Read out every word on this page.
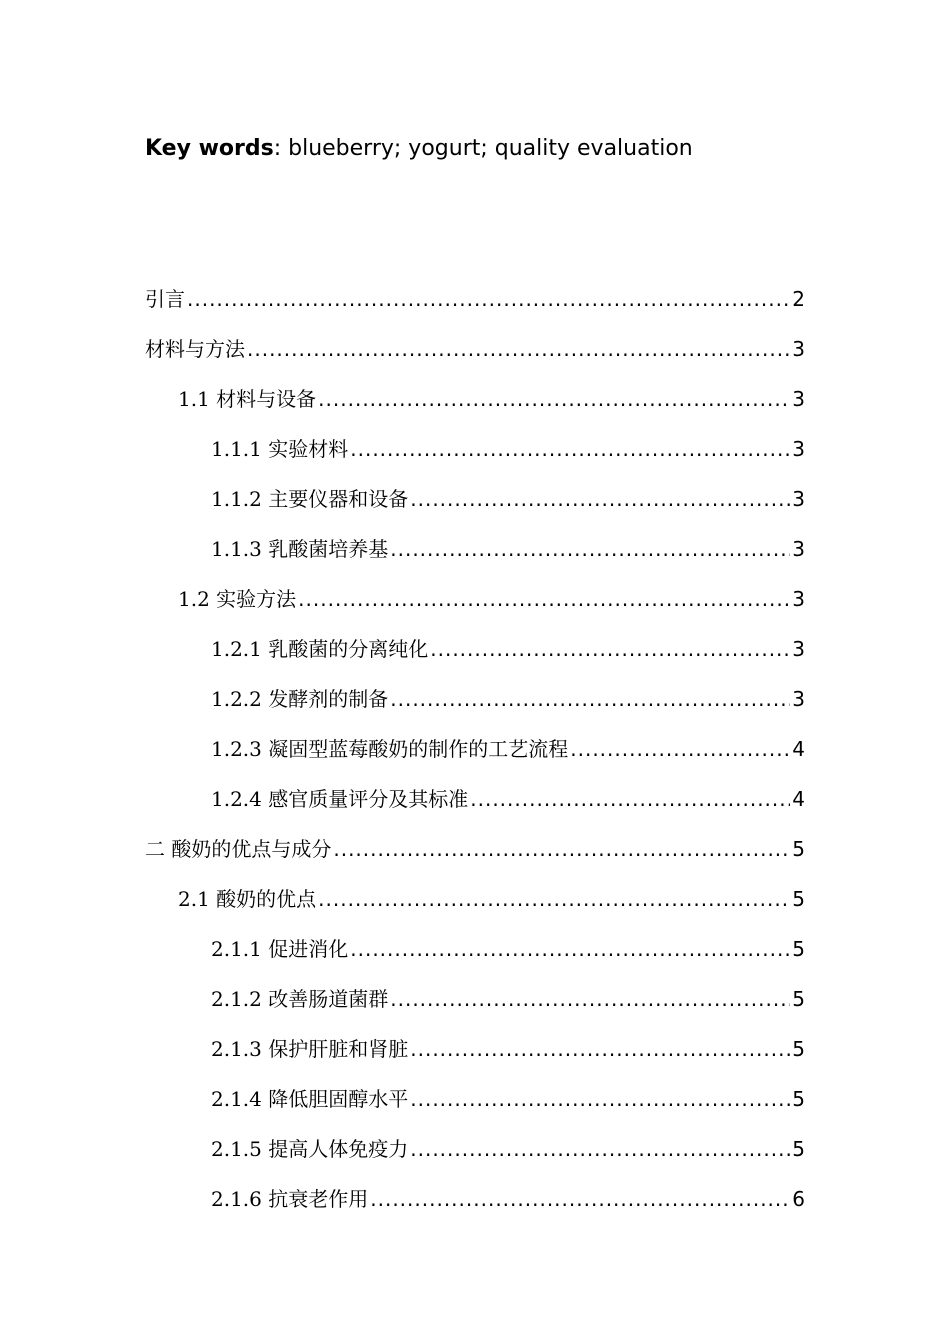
Key words: blueberry; yogurt; quality evaluation
引言 .....	2
材料与方法 .....	3
1.1 材料与设备 .....	3
1.1.1 实验材料 .....	3
1.1.2 主要仪器和设备 .....	3
1.1.3 乳酸菌培养基 .....	3
1.2 实验方法 .....	3
1.2.1 乳酸菌的分离纯化 .....	3
1.2.2 发酵剂的制备 .....	3
1.2.3 凝固型蓝莓酸奶的制作的工艺流程 .....	4
1.2.4 感官质量评分及其标准 .....	4
二 酸奶的优点与成分 .....	5
2.1 酸奶的优点 .....	5
2.1.1 促进消化 .....	5
2.1.2 改善肠道菌群 .....	5
2.1.3 保护肝脏和肾脏 .....	5
2.1.4 降低胆固醇水平 .....	5
2.1.5 提高人体免疫力 .....	5
2.1.6 抗衰老作用 .....	6
